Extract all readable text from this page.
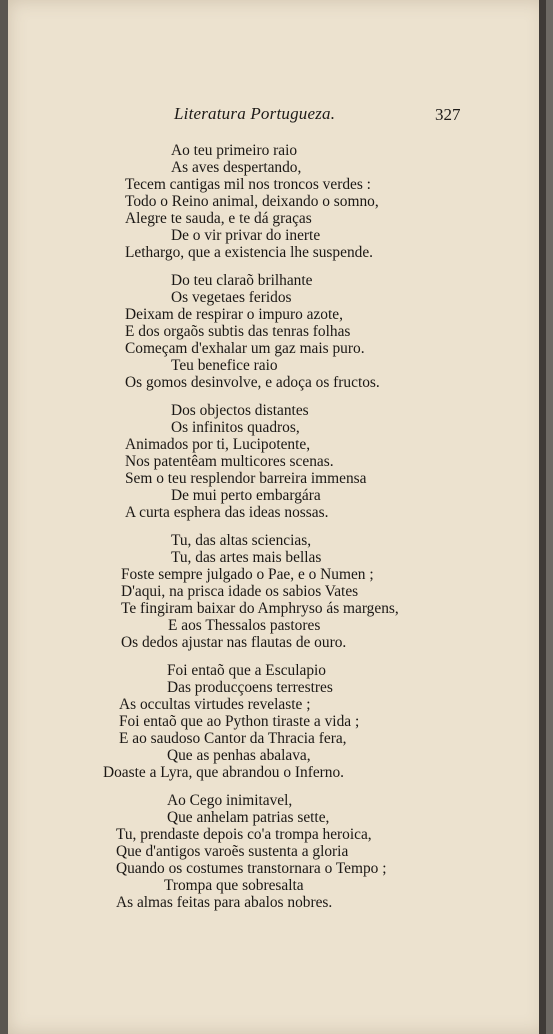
Literatura Portugueza.	327
Ao teu primeiro raio
As aves despertando,
Tecem cantigas mil nos troncos verdes :
Todo o Reino animal, deixando o somno,
Alegre te sauda, e te dá graças
De o vir privar do inerte
Lethargo, que a existencia lhe suspende.
Do teu claraõ brilhante
Os vegetaes feridos
Deixam de respirar o impuro azote,
E dos orgaõs subtis das tenras folhas
Começam d'exhalar um gaz mais puro.
Teu benefice raio
Os gomos desinvolve, e adoça os fructos.
Dos objectos distantes
Os infinitos quadros,
Animados por ti, Lucipotente,
Nos patentêam multicores scenas.
Sem o teu resplendor barreira immensa
De mui perto embargára
A curta esphera das ideas nossas.
Tu, das altas sciencias,
Tu, das artes mais bellas
Foste sempre julgado o Pae, e o Numen ;
D'aqui, na prisca idade os sabios Vates
Te fingiram baixar do Amphryso ás margens,
E aos Thessalos pastores
Os dedos ajustar nas flautas de ouro.
Foi entaõ que a Esculapio
Das producçoens terrestres
As occultas virtudes revelaste ;
Foi entaõ que ao Python tiraste a vida ;
E ao saudoso Cantor da Thracia fera,
Que as penhas abalava,
Doaste a Lyra, que abrandou o Inferno.
Ao Cego inimitavel,
Que anhelam patrias sette,
Tu, prendaste depois co'a trompa heroica,
Que d'antigos varoẽs sustenta a gloria
Quando os costumes transtornara o Tempo ;
Trompa que sobresalta
As almas feitas para abalos nobres.
